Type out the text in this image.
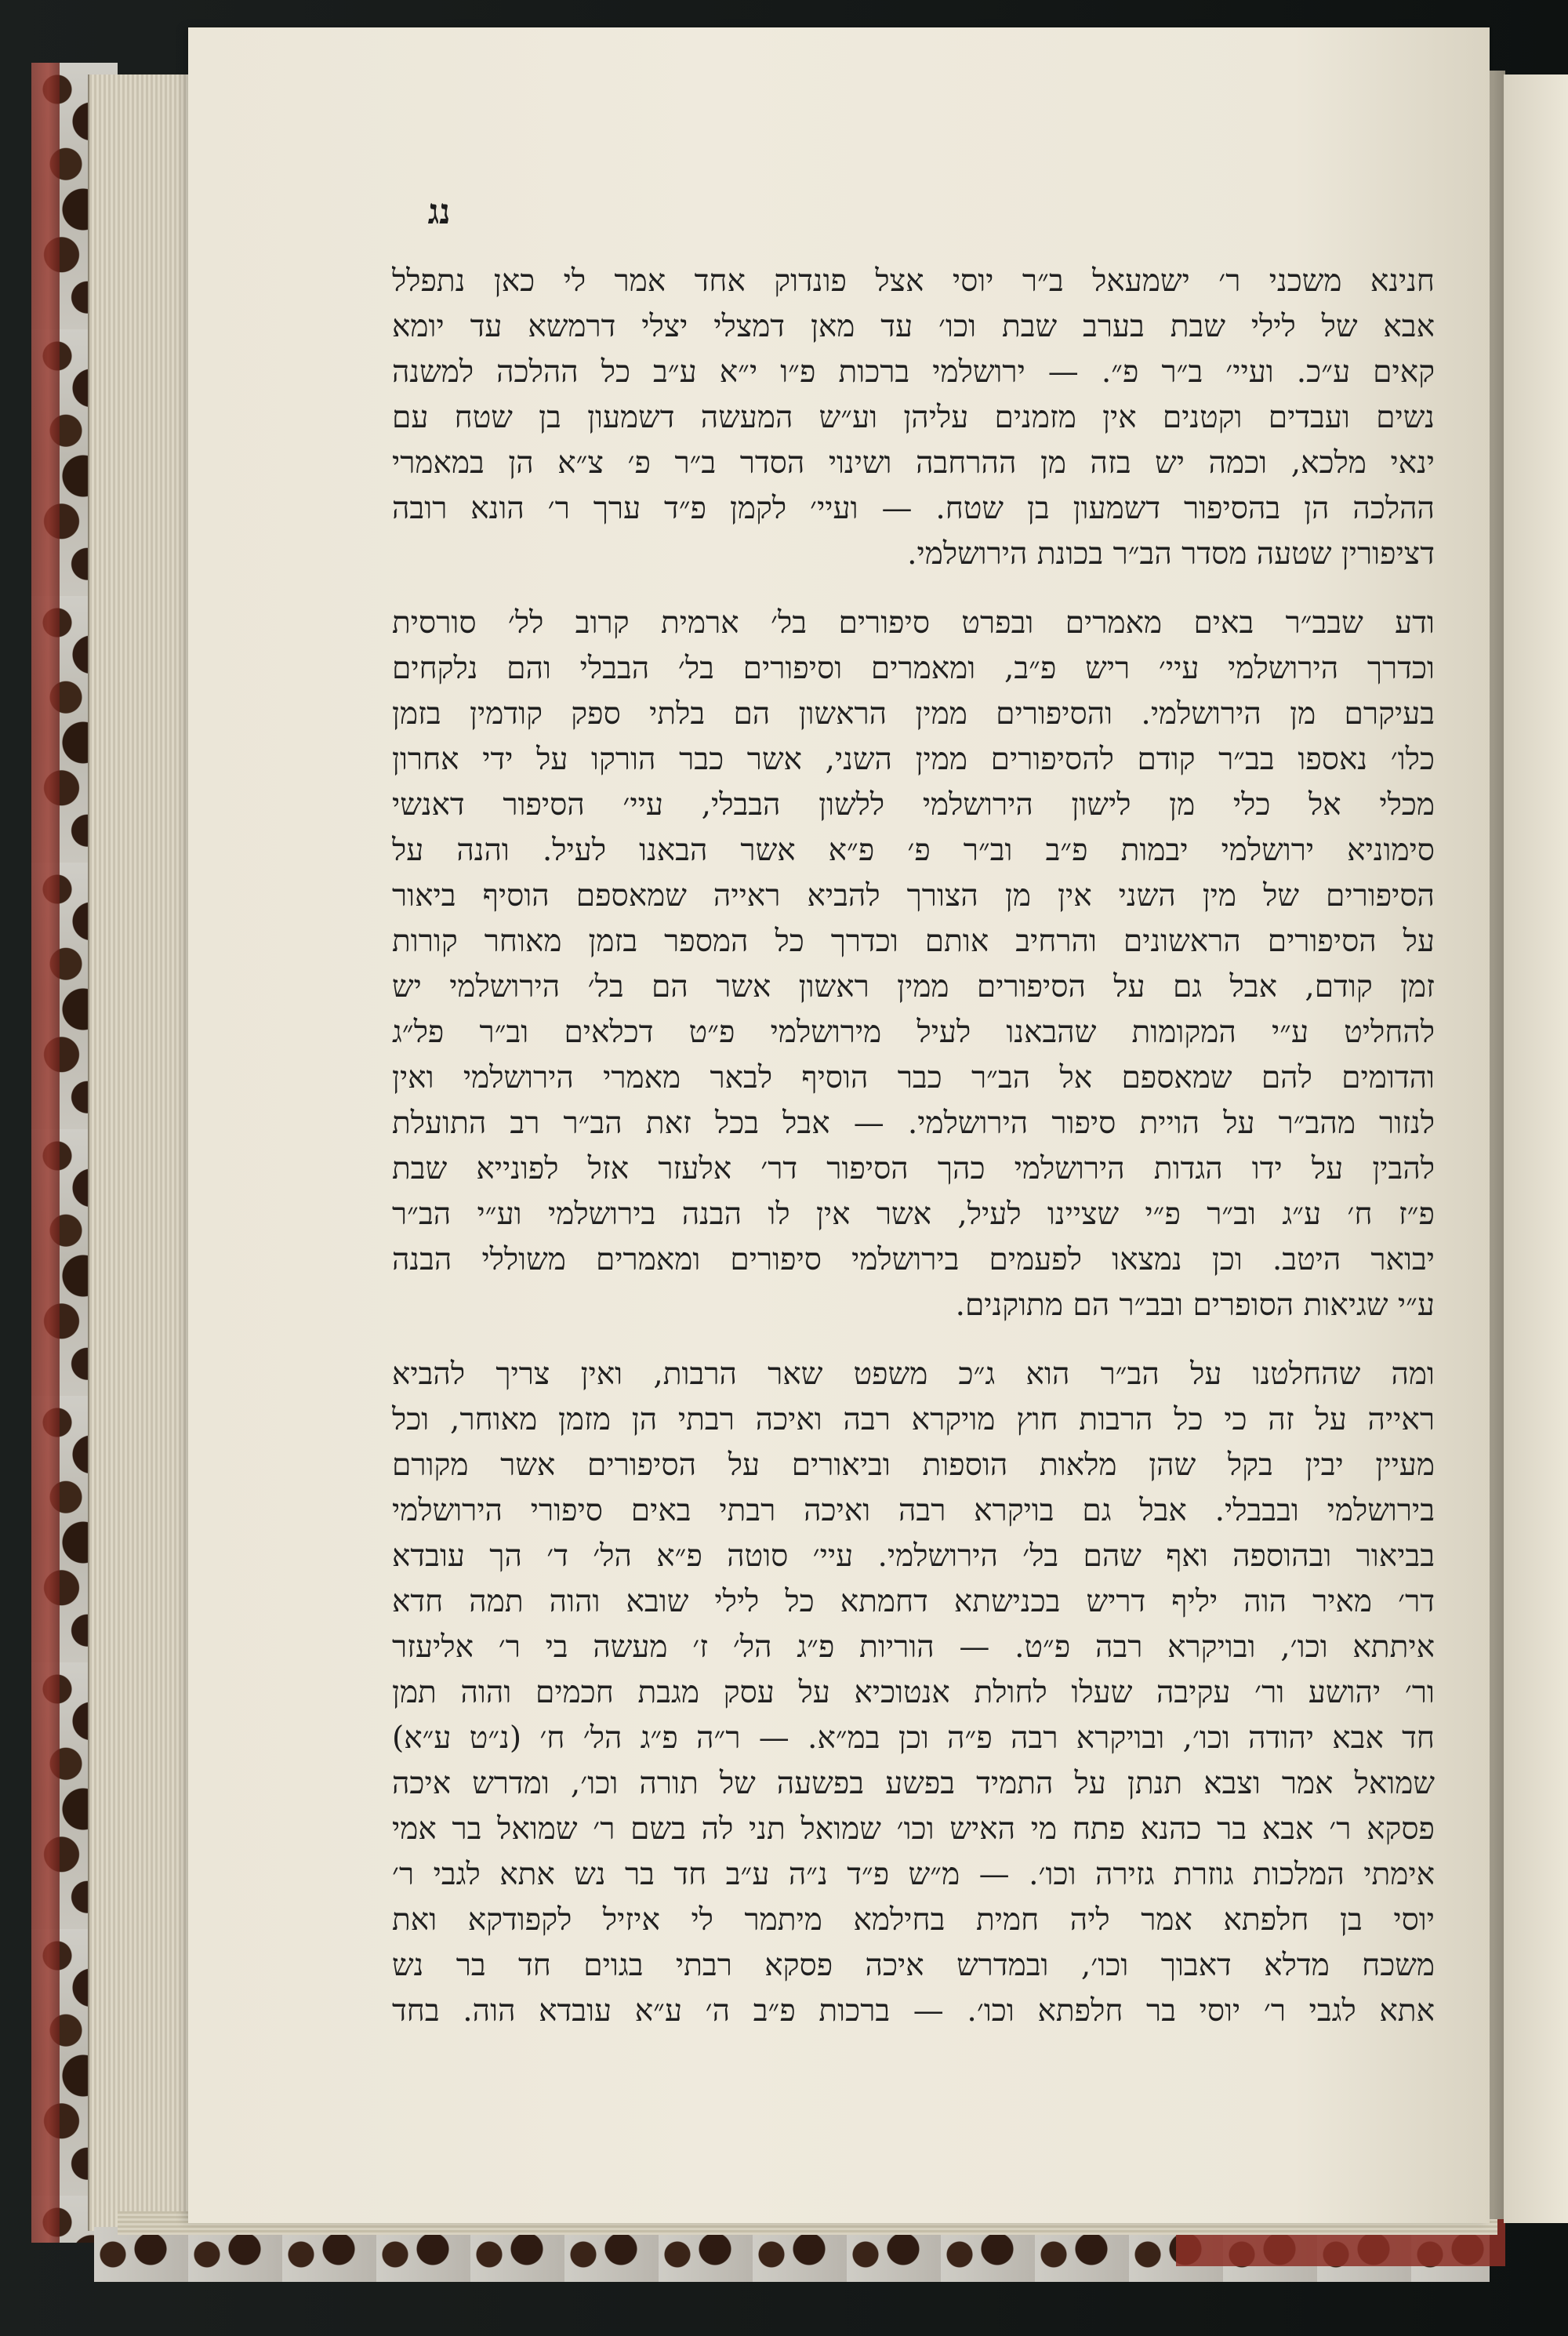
נג
חנינא משכני ר׳ ישמעאל ב״ר יוסי אצל פונדוק אחד אמר לי כאן נתפלל
אבא של לילי שבת בערב שבת וכו׳ עד מאן דמצלי יצלי דרמשא עד יומא
קאים ע״כ. ועיי׳ ב״ר פ״. — ירושלמי ברכות פ״ו י״א ע״ב כל ההלכה למשנה
נשים ועבדים וקטנים אין מזמנים עליהן וע״ש המעשה דשמעון בן שטח עם
ינאי מלכא, וכמה יש בזה מן ההרחבה ושינוי הסדר ב״ר פ׳ צ״א הן במאמרי
ההלכה הן בהסיפור דשמעון בן שטח. — ועיי׳ לקמן פ״ד ערך ר׳ הונא רובה
דציפורין שטעה מסדר הב״ר בכונת הירושלמי.
ודע שבב״ר באים מאמרים ובפרט סיפורים בל׳ ארמית קרוב לל׳ סורסית
וכדרך הירושלמי עיי׳ ריש פ״ב, ומאמרים וסיפורים בל׳ הבבלי והם נלקחים
בעיקרם מן הירושלמי. והסיפורים ממין הראשון הם בלתי ספק קודמין בזמן
כלו׳ נאספו בב״ר קודם להסיפורים ממין השני, אשר כבר הורקו על ידי אחרון
מכלי אל כלי מן לישון הירושלמי ללשון הבבלי, עיי׳ הסיפור דאנשי
סימוניא ירושלמי יבמות פ״ב וב״ר פ׳ פ״א אשר הבאנו לעיל. והנה על
הסיפורים של מין השני אין מן הצורך להביא ראייה שמאספם הוסיף ביאור
על הסיפורים הראשונים והרחיב אותם וכדרך כל המספר בזמן מאוחר קורות
זמן קודם, אבל גם על הסיפורים ממין ראשון אשר הם בל׳ הירושלמי יש
להחליט ע״י המקומות שהבאנו לעיל מירושלמי פ״ט דכלאים וב״ר פל״ג
והדומים להם שמאספם אל הב״ר כבר הוסיף לבאר מאמרי הירושלמי ואין
לנזור מהב״ר על הויית סיפור הירושלמי. — אבל בכל זאת הב״ר רב התועלת
להבין על ידו הגדות הירושלמי כהך הסיפור דר׳ אלעזר אזל לפונייא שבת
פ״ז ח׳ ע״ג וב״ר פ״י שציינו לעיל, אשר אין לו הבנה בירושלמי וע״י הב״ר
יבואר היטב. וכן נמצאו לפעמים בירושלמי סיפורים ומאמרים משוללי הבנה
ע״י שגיאות הסופרים ובב״ר הם מתוקנים.
ומה שהחלטנו על הב״ר הוא ג״כ משפט שאר הרבות, ואין צריך להביא
ראייה על זה כי כל הרבות חוץ מויקרא רבה ואיכה רבתי הן מזמן מאוחר, וכל
מעיין יבין בקל שהן מלאות הוספות וביאורים על הסיפורים אשר מקורם
בירושלמי ובבבלי. אבל גם בויקרא רבה ואיכה רבתי באים סיפורי הירושלמי
בביאור ובהוספה ואף שהם בל׳ הירושלמי. עיי׳ סוטה פ״א הל׳ ד׳ הך עובדא
דר׳ מאיר הוה יליף דריש בכנישתא דחמתא כל לילי שובא והוה תמה חדא
איתתא וכו׳, ובויקרא רבה פ״ט. — הוריות פ״ג הל׳ ז׳ מעשה בי ר׳ אליעזר
ור׳ יהושע ור׳ עקיבה שעלו לחולת אנטוכיא על עסק מגבת חכמים והוה תמן
חד אבא יהודה וכו׳, ובויקרא רבה פ״ה וכן במ״א. — ר״ה פ״ג הל׳ ח׳ (נ״ט ע״א)
שמואל אמר וצבא תנתן על התמיד בפשע בפשעה של תורה וכו׳, ומדרש איכה
פסקא ר׳ אבא בר כהנא פתח מי האיש וכו׳ שמואל תני לה בשם ר׳ שמואל בר אמי
אימתי המלכות גוזרת גזירה וכו׳. — מ״ש פ״ד נ״ה ע״ב חד בר נש אתא לגבי ר׳
יוסי בן חלפתא אמר ליה חמית בחילמא מיתמר לי איזיל לקפודקא ואת
משכח מדלא דאבוך וכו׳, ובמדרש איכה פסקא רבתי בגוים חד בר נש
אתא לגבי ר׳ יוסי בר חלפתא וכו׳. — ברכות פ״ב ה׳ ע״א עובדא הוה. בחד
